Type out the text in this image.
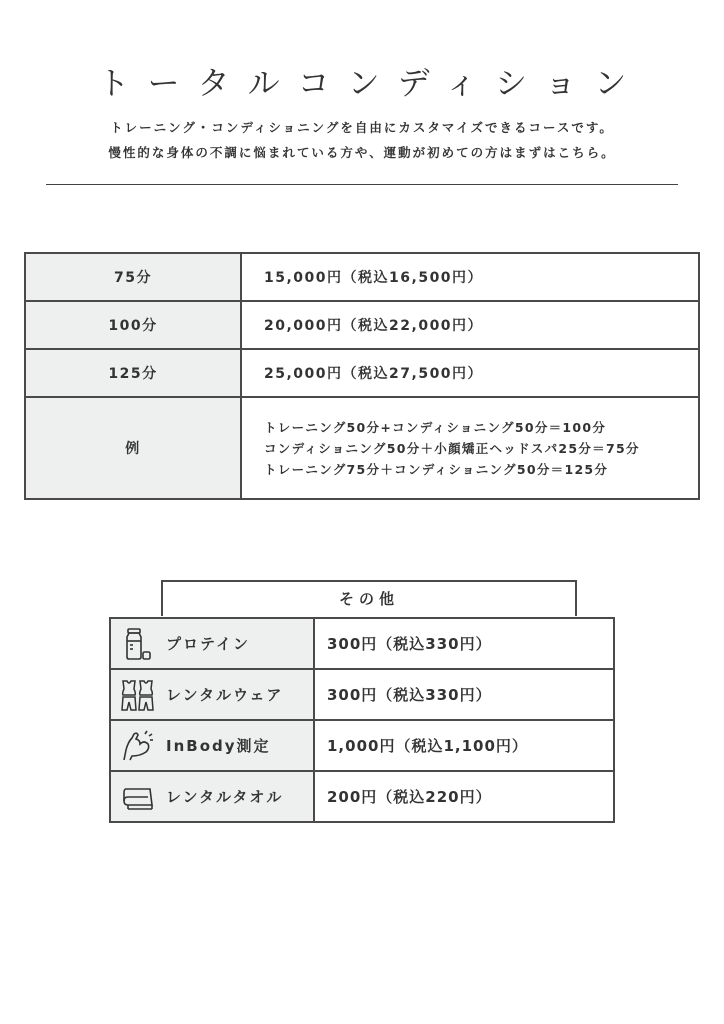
トータルコンディション
トレーニング・コンディショニングを自由にカスタマイズできるコースです。
慢性的な身体の不調に悩まれている方や、運動が初めての方はまずはこちら。
75分	15,000円（税込16,500円）
100分	20,000円（税込22,000円）
125分	25,000円（税込27,500円）
例	トレーニング50分+コンディショニング50分＝100分
コンディショニング50分＋小顔矯正ヘッドスパ25分＝75分
トレーニング75分＋コンディショニング50分＝125分
その他
プロテイン	300円（税込330円）

レンタルウェア	300円（税込330円）

InBody測定	1,000円（税込1,100円）

レンタルタオル	200円（税込220円）
